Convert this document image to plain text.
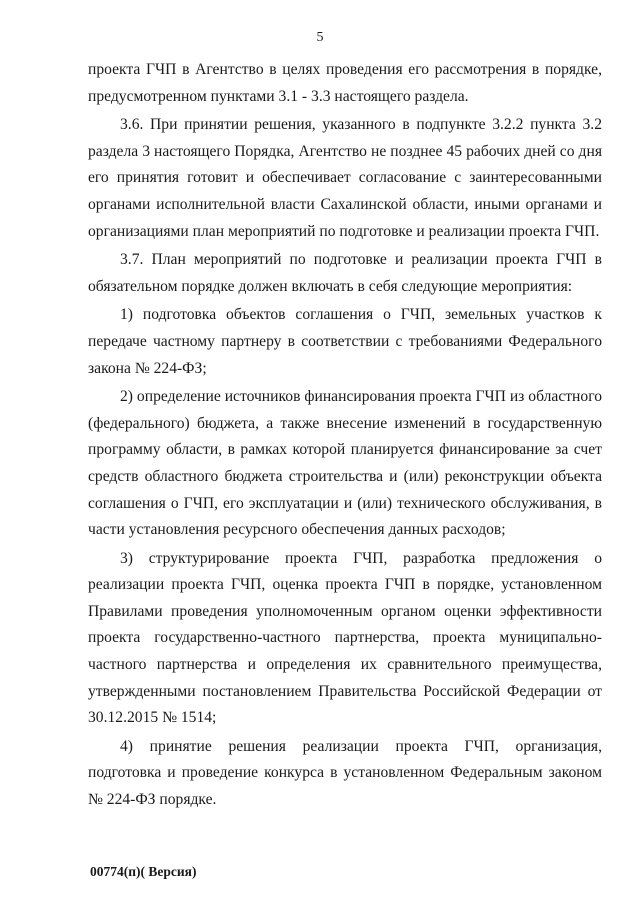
5

проекта ГЧП в Агентство в целях проведения его рассмотрения в порядке, предусмотренном пунктами 3.1 - 3.3 настоящего раздела.

3.6. При принятии решения, указанного в подпункте 3.2.2 пункта 3.2 раздела 3 настоящего Порядка, Агентство не позднее 45 рабочих дней со дня его принятия готовит и обеспечивает согласование с заинтересованными органами исполнительной власти Сахалинской области, иными органами и организациями план мероприятий по подготовке и реализации проекта ГЧП.

3.7. План мероприятий по подготовке и реализации проекта ГЧП в обязательном порядке должен включать в себя следующие мероприятия:

1) подготовка объектов соглашения о ГЧП, земельных участков к передаче частному партнеру в соответствии с требованиями Федерального закона № 224-ФЗ;

2) определение источников финансирования проекта ГЧП из областного (федерального) бюджета, а также внесение изменений в государственную программу области, в рамках которой планируется финансирование за счет средств областного бюджета строительства и (или) реконструкции объекта соглашения о ГЧП, его эксплуатации и (или) технического обслуживания, в части установления ресурсного обеспечения данных расходов;

3) структурирование проекта ГЧП, разработка предложения о реализации проекта ГЧП, оценка проекта ГЧП в порядке, установленном Правилами проведения уполномоченным органом оценки эффективности проекта государственно-частного партнерства, проекта муниципально-частного партнерства и определения их сравнительного преимущества, утвержденными постановлением Правительства Российской Федерации от 30.12.2015 № 1514;

4) принятие решения реализации проекта ГЧП, организация, подготовка и проведение конкурса в установленном Федеральным законом № 224-ФЗ порядке.

00774(п)( Версия)
